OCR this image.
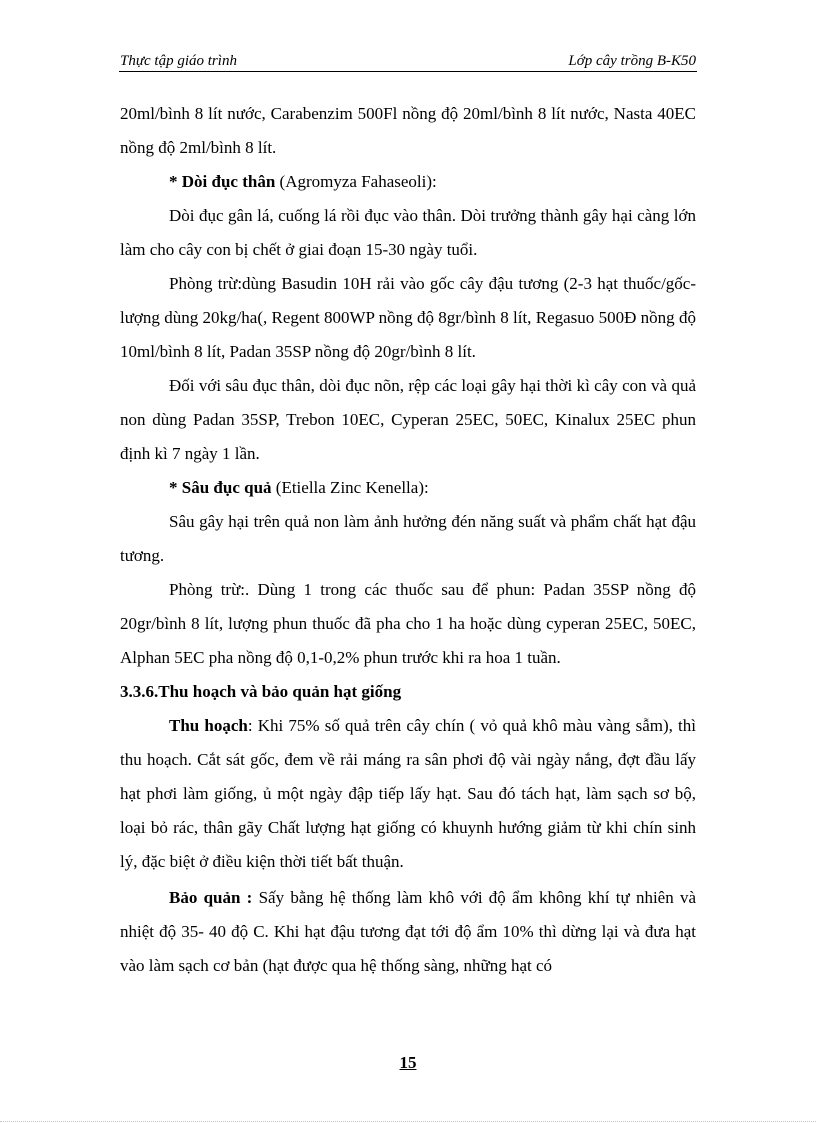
Thực tập giáo trình	Lớp cây trồng B-K50

20ml/bình 8 lít nước, Carabenzim 500Fl nồng độ 20ml/bình 8 lít nước, Nasta 40EC nồng độ 2ml/bình 8 lít.

* Dòi đục thân (Agromyza Fahaseoli):

Dòi đục gân lá, cuống lá rồi đục vào thân. Dòi trưởng thành gây hại càng lớn làm cho cây con bị chết ở giai đoạn 15-30 ngày tuổi.

Phòng trừ:dùng Basudin 10H rải vào gốc cây đậu tương (2-3 hạt thuốc/gốc-lượng dùng 20kg/ha(, Regent 800WP nồng độ 8gr/bình 8 lít, Regasuo 500Đ nồng độ 10ml/bình 8 lít, Padan 35SP nồng độ 20gr/bình 8 lít.

Đối với sâu đục thân, dòi đục nõn, rệp các loại gây hại thời kì cây con và quả non dùng Padan 35SP, Trebon 10EC, Cyperan 25EC, 50EC, Kinalux 25EC phun định kì 7 ngày 1 lần.

* Sâu đục quả (Etiella Zinc Kenella):

Sâu gây hại trên quả non làm ảnh hưởng đén năng suất và phẩm chất hạt đậu tương.

Phòng trừ:. Dùng 1 trong các thuốc sau để phun: Padan 35SP nồng độ 20gr/bình 8 lít, lượng phun thuốc đã pha cho 1 ha hoặc dùng cyperan 25EC, 50EC, Alphan 5EC pha nồng độ 0,1-0,2% phun trước khi ra hoa 1 tuần.

3.3.6.Thu hoạch và bảo quản hạt giống

Thu hoạch: Khi 75% số quả trên cây chín ( vỏ quả khô màu vàng sẫm), thì thu hoạch. Cắt sát gốc, đem về rải máng ra sân phơi độ vài ngày nắng, đợt đầu lấy hạt phơi làm giống, ủ một ngày đập tiếp lấy hạt. Sau đó tách hạt, làm sạch sơ bộ, loại bỏ rác, thân gãy Chất lượng hạt giống có khuynh hướng giảm từ khi chín sinh lý, đặc biệt ở điều kiện thời tiết bất thuận.

Bảo quản : Sấy bằng hệ thống làm khô với độ ẩm không khí tự nhiên và nhiệt độ 35- 40 độ C. Khi hạt đậu tương đạt tới độ ẩm 10% thì dừng lại và đưa hạt vào làm sạch cơ bản (hạt được qua hệ thống sàng, những hạt có

15
